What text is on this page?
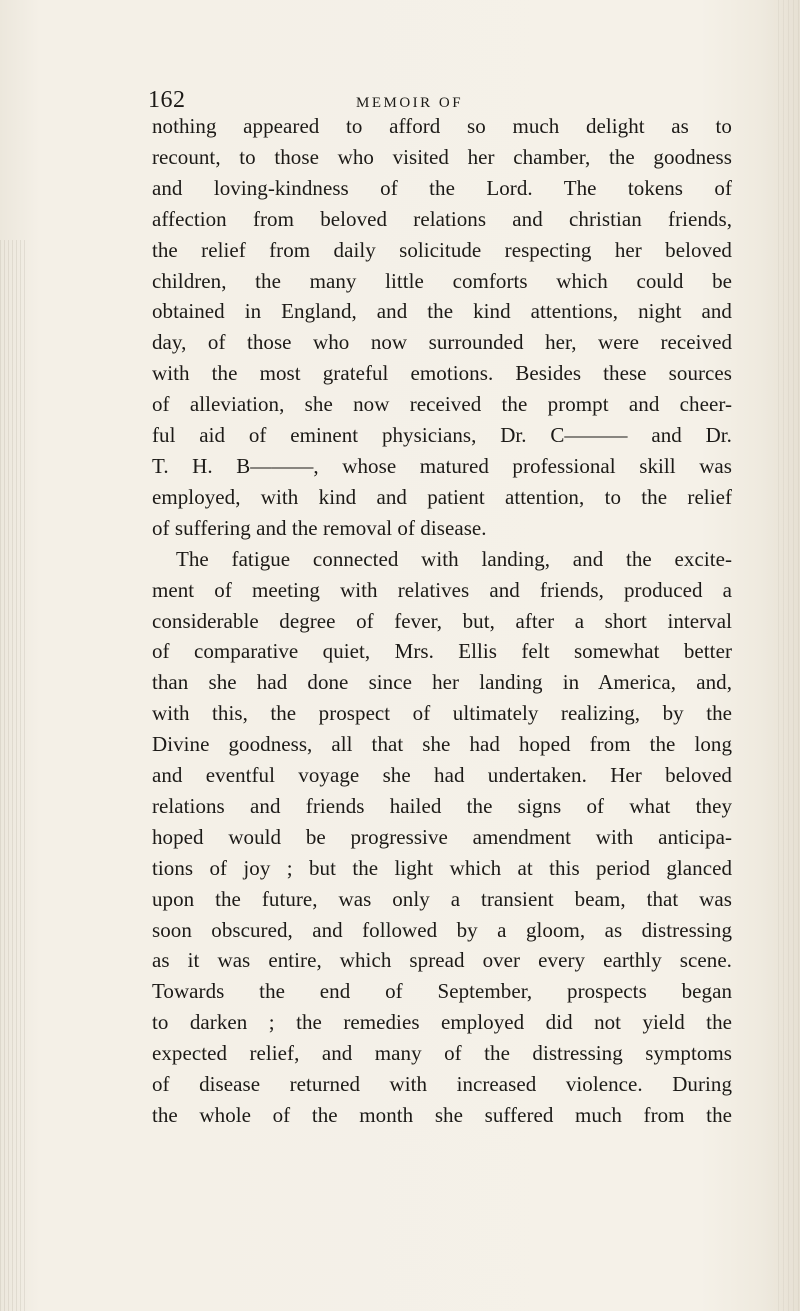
162	MEMOIR OF
nothing appeared to afford so much delight as to
recount, to those who visited her chamber, the goodness
and loving-kindness of the Lord. The tokens of
affection from beloved relations and christian friends,
the relief from daily solicitude respecting her beloved
children, the many little comforts which could be
obtained in England, and the kind attentions, night and
day, of those who now surrounded her, were received
with the most grateful emotions. Besides these sources
of alleviation, she now received the prompt and cheer-
ful aid of eminent physicians, Dr. C——— and Dr.
T. H. B———, whose matured professional skill was
employed, with kind and patient attention, to the relief
of suffering and the removal of disease.
The fatigue connected with landing, and the excite-
ment of meeting with relatives and friends, produced a
considerable degree of fever, but, after a short interval
of comparative quiet, Mrs. Ellis felt somewhat better
than she had done since her landing in America, and,
with this, the prospect of ultimately realizing, by the
Divine goodness, all that she had hoped from the long
and eventful voyage she had undertaken. Her beloved
relations and friends hailed the signs of what they
hoped would be progressive amendment with anticipa-
tions of joy ; but the light which at this period glanced
upon the future, was only a transient beam, that was
soon obscured, and followed by a gloom, as distressing
as it was entire, which spread over every earthly scene.
Towards the end of September, prospects began
to darken ; the remedies employed did not yield the
expected relief, and many of the distressing symptoms
of disease returned with increased violence. During
the whole of the month she suffered much from the
